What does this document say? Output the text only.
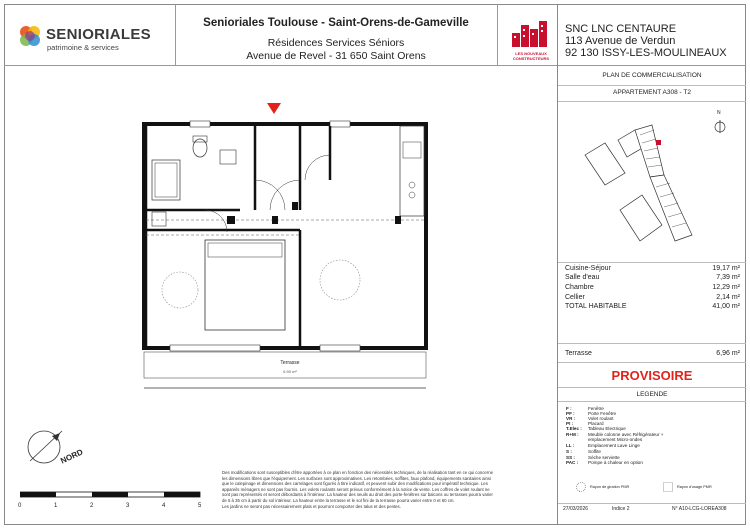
SENIORIALES
patrimoine & services
Senioriales Toulouse - Saint-Orens-de-Gameville
Résidences Services Séniors
Avenue de Revel - 31 650 Saint Orens	LES NOUVEAUX CONSTRUCTEURS
SNC LNC CENTAURE
113 Avenue de Verdun
92 130 ISSY-LES-MOULINEAUX
PLAN DE COMMERCIALISATION
APPARTEMENT A308 - T2
N
Cuisine-Séjour	19,17 m²
Salle d'eau	7,39 m²
Chambre	12,29 m²
Cellier	2,14 m²
TOTAL HABITABLE	41,00 m²
Terrasse	6,96 m²
PROVISOIRE
LEGENDE
F :	Fenêtre
PF :	Porte Fenêtre
VR :	Volet roulant
PI :	Placard
T.Elec : Tableau Electrique
R+M : Meuble colonne avec Réfrigérateur +
emplacement Micro-ondes
LL :	Emplacement Lave Linge
S :	Soffite
SS :	Sèche serviette
PAC : Pompe à chaleur en option
Rayon de giration PMR	Rayon d'usage PMR
27/03/2026	Indice 2	N° A10-LCG-LOREA308
Terrasse
6.90 m²
NORD
0	1	2	3	4	5
Des modifications sont susceptibles d'être apportées à ce plan en fonction des nécessités techniques, de la réalisation tant en ce qui concerne
les dimensions libres que l'équipement. Les surfaces sont approximatives. Les retombées, soffites, faux plafond, équipements sanitaires ainsi
que le calepinage et dimensions des carrelages sont figurés à titre indicatif, et peuvent subir des modifications pour impératif technique. Les
appareils ménagers ne sont pas fournis. Les volets roulants seront prévus conformément à la notice de vente. Les coffres de volet roulant ne
sont pas représentés et seront débordants à l'intérieur. La hauteur des seuils au droit des porte-fenêtres sur balcons ou terrasses pourra varier
de 5 à 35 cm à partir du sol intérieur. La hauteur entre la terrasse et le sol fini de la terrasse pourra varier entre 0 et 60 cm.
Les jardins ne seront pas nécessairement plats et pourront comporter des talus et des pentes.
